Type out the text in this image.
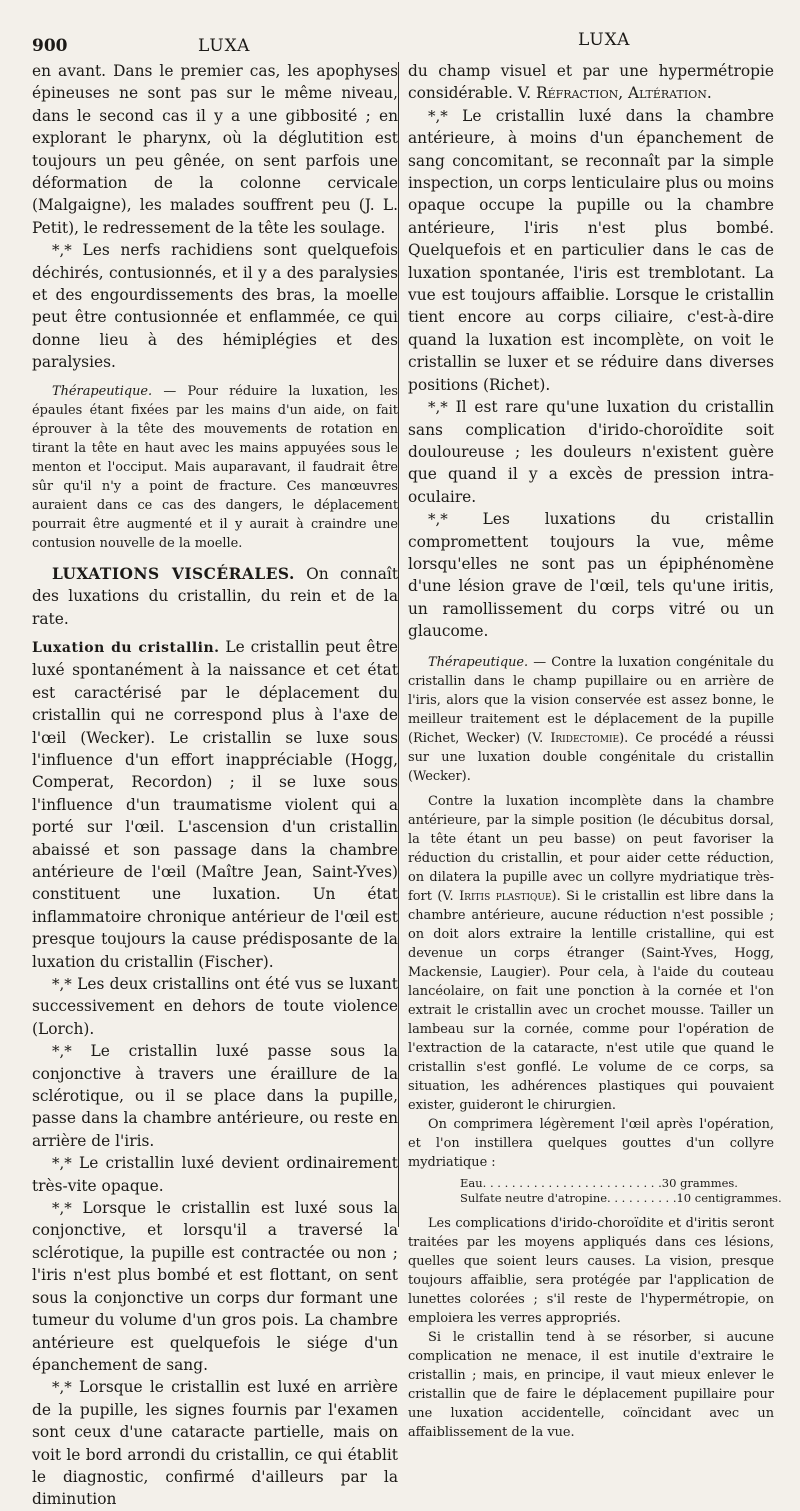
900	LUXA	LUXA

en avant. Dans le premier cas, les apophyses épineuses ne sont pas sur le même niveau, dans le second cas il y a une gibbosité ; en explorant le pharynx, où la déglutition est toujours un peu gênée, on sent parfois une déformation de la colonne cervicale (Malgaigne), les malades souffrent peu (J. L. Petit), le redressement de la tête les soulage.

*,* Les nerfs rachidiens sont quelquefois déchirés, contusionnés, et il y a des paralysies et des engourdissements des bras, la moelle peut être contusionnée et enflammée, ce qui donne lieu à des hémiplégies et des paralysies.

Thérapeutique. — Pour réduire la luxation, les épaules étant fixées par les mains d'un aide, on fait éprouver à la tête des mouvements de rotation en tirant la tête en haut avec les mains appuyées sous le menton et l'occiput. Mais auparavant, il faudrait être sûr qu'il n'y a point de fracture. Ces manœuvres auraient dans ce cas des dangers, le déplacement pourrait être augmenté et il y aurait à craindre une contusion nouvelle de la moelle.

LUXATIONS VISCÉRALES. On connaît des luxations du cristallin, du rein et de la rate.

Luxation du cristallin. Le cristallin peut être luxé spontanément à la naissance et cet état est caractérisé par le déplacement du cristallin qui ne correspond plus à l'axe de l'œil (Wecker). Le cristallin se luxe sous l'influence d'un effort inappréciable (Hogg, Comperat, Recordon) ; il se luxe sous l'influence d'un traumatisme violent qui a porté sur l'œil. L'ascension d'un cristallin abaissé et son passage dans la chambre antérieure de l'œil (Maître Jean, Saint-Yves) constituent une luxation. Un état inflammatoire chronique antérieur de l'œil est presque toujours la cause prédisposante de la luxation du cristallin (Fischer).

*,* Les deux cristallins ont été vus se luxant successivement en dehors de toute violence (Lorch).

*,* Le cristallin luxé passe sous la conjonctive à travers une éraillure de la sclérotique, ou il se place dans la pupille, passe dans la chambre antérieure, ou reste en arrière de l'iris.

*,* Le cristallin luxé devient ordinairement très-vite opaque.

*,* Lorsque le cristallin est luxé sous la conjonctive, et lorsqu'il a traversé la sclérotique, la pupille est contractée ou non ; l'iris n'est plus bombé et est flottant, on sent sous la conjonctive un corps dur formant une tumeur du volume d'un gros pois. La chambre antérieure est quelquefois le siége d'un épanchement de sang.

*,* Lorsque le cristallin est luxé en arrière de la pupille, les signes fournis par l'examen sont ceux d'une cataracte partielle, mais on voit le bord arrondi du cristallin, ce qui établit le diagnostic, confirmé d'ailleurs par la diminution

du champ visuel et par une hypermétropie considérable. V. Réfraction, Altération.

*,* Le cristallin luxé dans la chambre antérieure, à moins d'un épanchement de sang concomitant, se reconnaît par la simple inspection, un corps lenticulaire plus ou moins opaque occupe la pupille ou la chambre antérieure, l'iris n'est plus bombé. Quelquefois et en particulier dans le cas de luxation spontanée, l'iris est tremblotant. La vue est toujours affaiblie. Lorsque le cristallin tient encore au corps ciliaire, c'est-à-dire quand la luxation est incomplète, on voit le cristallin se luxer et se réduire dans diverses positions (Richet).

*,* Il est rare qu'une luxation du cristallin sans complication d'irido-choroïdite soit douloureuse ; les douleurs n'existent guère que quand il y a excès de pression intra-oculaire.

*,* Les luxations du cristallin compromettent toujours la vue, même lorsqu'elles ne sont pas un épiphénomène d'une lésion grave de l'œil, tels qu'une iritis, un ramollissement du corps vitré ou un glaucome.

Thérapeutique. — Contre la luxation congénitale du cristallin dans le champ pupillaire ou en arrière de l'iris, alors que la vision conservée est assez bonne, le meilleur traitement est le déplacement de la pupille (Richet, Wecker) (V. Iridectomie). Ce procédé a réussi sur une luxation double congénitale du cristallin (Wecker).

Contre la luxation incomplète dans la chambre antérieure, par la simple position (le décubitus dorsal, la tête étant un peu basse) on peut favoriser la réduction du cristallin, et pour aider cette réduction, on dilatera la pupille avec un collyre mydriatique très-fort (V. Iritis plastique). Si le cristallin est libre dans la chambre antérieure, aucune réduction n'est possible ; on doit alors extraire la lentille cristalline, qui est devenue un corps étranger (Saint-Yves, Hogg, Mackensie, Laugier). Pour cela, à l'aide du couteau lancéolaire, on fait une ponction à la cornée et l'on extrait le cristallin avec un crochet mousse. Tailler un lambeau sur la cornée, comme pour l'opération de l'extraction de la cataracte, n'est utile que quand le cristallin s'est gonflé. Le volume de ce corps, sa situation, les adhérences plastiques qui pouvaient exister, guideront le chirurgien.

On comprimera légèrement l'œil après l'opération, et l'on instillera quelques gouttes d'un collyre mydriatique :

Eau. . . . . . . . . . . . . . . . . . . . . . . . . 30 grammes.
Sulfate neutre d'atropine. . . . . . . . . . 10 centigrammes.

Les complications d'irido-choroïdite et d'iritis seront traitées par les moyens appliqués dans ces lésions, quelles que soient leurs causes. La vision, presque toujours affaiblie, sera protégée par l'application de lunettes colorées ; s'il reste de l'hypermétropie, on emploiera les verres appropriés.

Si le cristallin tend à se résorber, si aucune complication ne menace, il est inutile d'extraire le cristallin ; mais, en principe, il vaut mieux enlever le cristallin que de faire le déplacement pupillaire pour une luxation accidentelle, coïncidant avec un affaiblissement de la vue.
